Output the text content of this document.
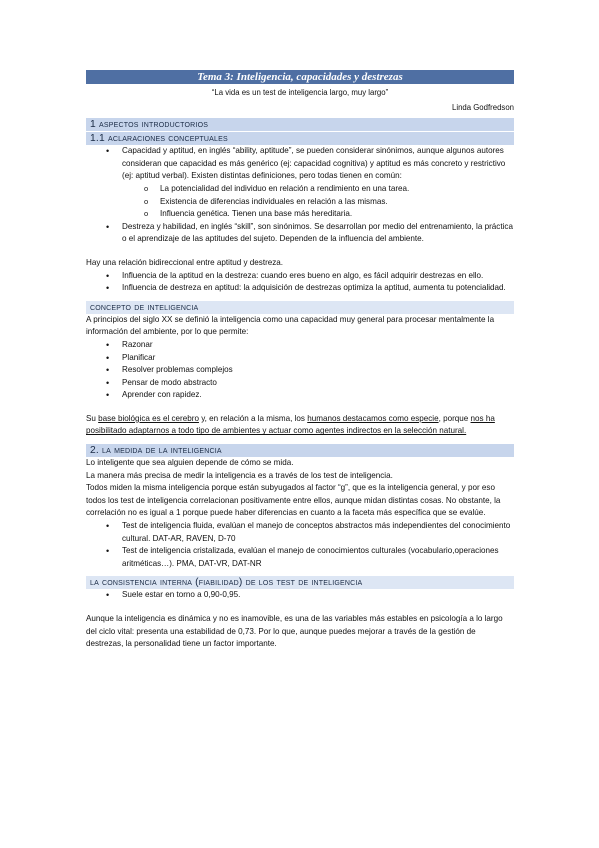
Tema 3: Inteligencia, capacidades y destrezas
“La vida es un test de inteligencia largo, muy largo”
Linda Godfredson
1 aspectos introductorios
1.1 aclaraciones conceptuales
• Capacidad y aptitud, en inglés “ability, aptitude”, se pueden considerar sinónimos, aunque algunos autores consideran que capacidad es más genérico (ej: capacidad cognitiva) y aptitud es más concreto y restrictivo (ej: aptitud verbal). Existen distintas definiciones, pero todas tienen en común:
o La potencialidad del individuo en relación a rendimiento en una tarea.
o Existencia de diferencias individuales en relación a las mismas.
o Influencia genética. Tienen una base más hereditaria.
• Destreza y habilidad, en inglés “skill”, son sinónimos. Se desarrollan por medio del entrenamiento, la práctica o el aprendizaje de las aptitudes del sujeto. Dependen de la influencia del ambiente.

Hay una relación bidireccional entre aptitud y destreza.

• Influencia de la aptitud en la destreza: cuando eres bueno en algo, es fácil adquirir destrezas en ello.
• Influencia de destreza en aptitud: la adquisición de destrezas optimiza la aptitud, aumenta tu potencialidad.
concepto de inteligencia

A principios del siglo XX se definió la inteligencia como una capacidad muy general para procesar mentalmente la información del ambiente, por lo que permite:

• Razonar
• Planificar
• Resolver problemas complejos
• Pensar de modo abstracto
• Aprender con rapidez.

Su base biológica es el cerebro y, en relación a la misma, los humanos destacamos como especie, porque nos ha posibilitado adaptarnos a todo tipo de ambientes y actuar como agentes indirectos en la selección natural.

2. la medida de la inteligencia

Lo inteligente que sea alguien depende de cómo se mida.

La manera más precisa de medir la inteligencia es a través de los test de inteligencia.

Todos miden la misma inteligencia porque están subyugados al factor “g”, que es la inteligencia general, y por eso todos los test de inteligencia correlacionan positivamente entre ellos, aunque midan distintas cosas. No obstante, la correlación no es igual a 1 porque puede haber diferencias en cuanto a la faceta más específica que se evalúe.

• Test de inteligencia fluida, evalúan el manejo de conceptos abstractos más independientes del conocimiento cultural. DAT-AR, RAVEN, D-70
• Test de inteligencia cristalizada, evalúan el manejo de conocimientos culturales (vocabulario,operaciones aritméticas…). PMA, DAT-VR, DAT-NR
la consistencia interna (fiabilidad) de los test de inteligencia
• Suele estar en torno a 0,90-0,95.

Aunque la inteligencia es dinámica y no es inamovible, es una de las variables más estables en psicología a lo largo del ciclo vital: presenta una estabilidad de 0,73. Por lo que, aunque puedes mejorar a través de la gestión de destrezas, la personalidad tiene un factor importante.
